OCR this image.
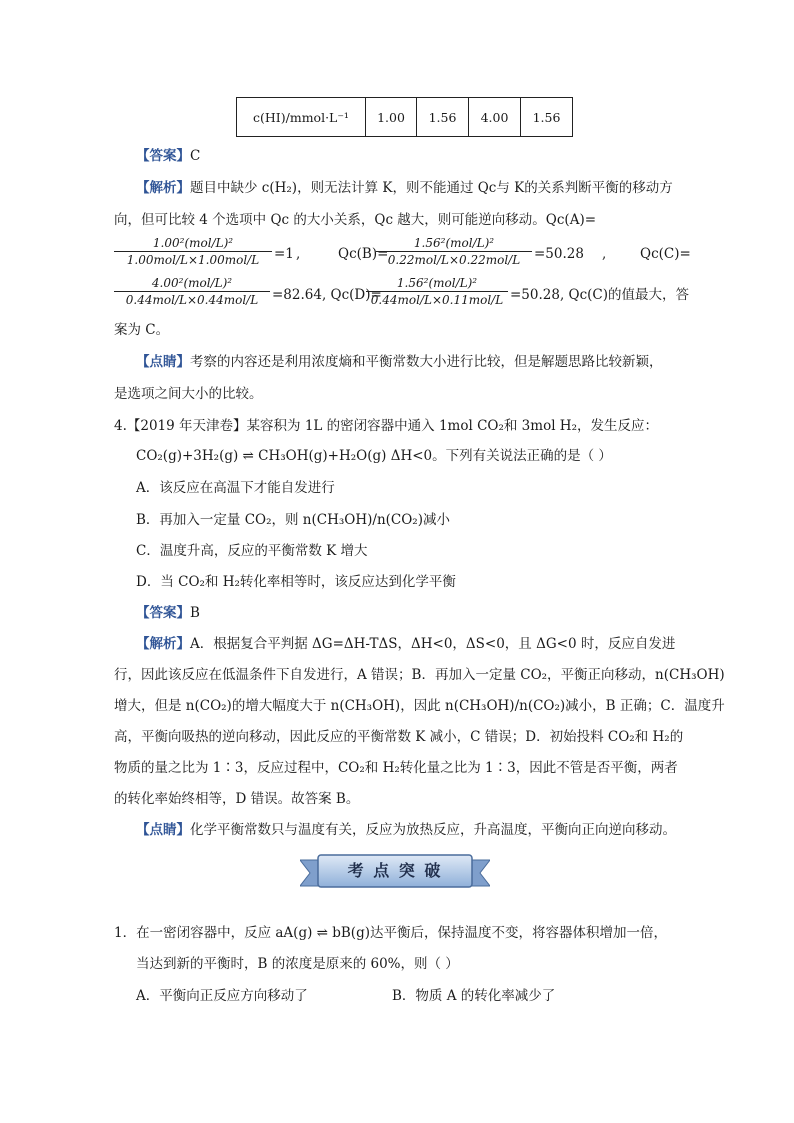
c(HI)/mmol·L⁻¹	1.00	1.56	4.00	1.56
【答案】C
【解析】题目中缺少 c(H₂)，则无法计算 K，则不能通过 Qc与 K的关系判断平衡的移动方
向，但可比较 4 个选项中 Qc 的大小关系，Qc 越大，则可能逆向移动。Qc(A)=
1.00²(mol/L)²
1.00mol/L×1.00mol/L	=1 ,	Qc(B)=
1.56²(mol/L)²
0.22mol/L×0.22mol/L	=50.28 , Qc(C)=
4.00²(mol/L)²
0.44mol/L×0.44mol/L	=82.64, Qc(D)=
1.56²(mol/L)²
0.44mol/L×0.11mol/L =50.28, Qc(C)的值最大，答
案为 C。
【点睛】考察的内容还是利用浓度熵和平衡常数大小进行比较，但是解题思路比较新颖，
是选项之间大小的比较。
4.【2019 年天津卷】某容积为 1L 的密闭容器中通入 1mol CO₂和 3mol H₂，发生反应：
CO₂(g)+3H₂(g) ⇌ CH₃OH(g)+H₂O(g) ΔH<0。下列有关说法正确的是（ ）
A．该反应在高温下才能自发进行
B．再加入一定量 CO₂，则 n(CH₃OH)/n(CO₂)减小
C．温度升高，反应的平衡常数 K 增大
D．当 CO₂和 H₂转化率相等时，该反应达到化学平衡
【答案】B
【解析】A．根据复合平判据 ΔG=ΔH-TΔS，ΔH<0，ΔS<0，且 ΔG<0 时，反应自发进
行，因此该反应在低温条件下自发进行，A 错误；B．再加入一定量 CO₂，平衡正向移动，n(CH₃OH)
增大，但是 n(CO₂)的增大幅度大于 n(CH₃OH)，因此 n(CH₃OH)/n(CO₂)减小，B 正确；C．温度升
高，平衡向吸热的逆向移动，因此反应的平衡常数 K 减小，C 错误；D．初始投料 CO₂和 H₂的
物质的量之比为 1∶3，反应过程中，CO₂和 H₂转化量之比为 1∶3，因此不管是否平衡，两者
的转化率始终相等，D 错误。故答案 B。
【点睛】化学平衡常数只与温度有关，反应为放热反应，升高温度，平衡向正向逆向移动。
考 点 突 破
1．在一密闭容器中，反应 aA(g) ⇌ bB(g)达平衡后，保持温度不变，将容器体积增加一倍，
当达到新的平衡时，B 的浓度是原来的 60%，则（ ）
A．平衡向正反应方向移动了	B．物质 A 的转化率减少了
